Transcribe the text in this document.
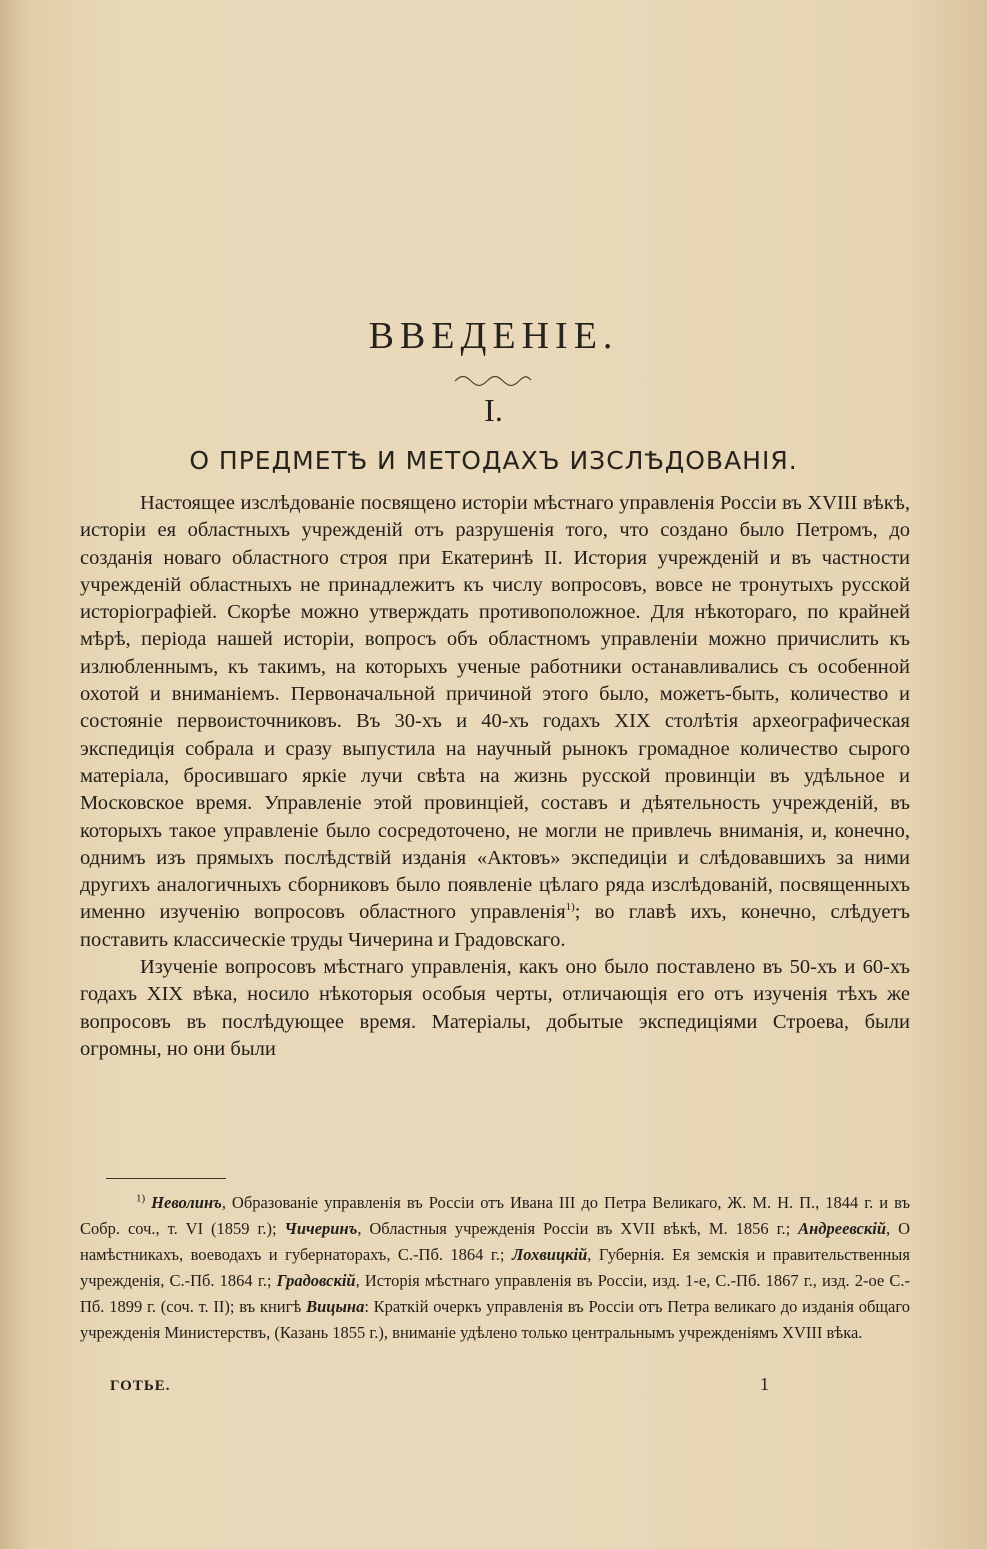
ВВЕДЕНІЕ.
I.
О ПРЕДМЕТѢ И МЕТОДАХЪ ИЗСЛѢДОВАНІЯ.

Настоящее изслѣдованіе посвящено исторіи мѣстнаго управленія Россіи въ XVIII вѣкѣ, исторіи ея областныхъ учрежденій отъ разрушенія того, что создано было Петромъ, до созданія новаго областного строя при Екатеринѣ II. История учрежденій и въ частности учрежденій областныхъ не принадлежитъ къ числу вопросовъ, вовсе не тронутыхъ русской исторіографіей. Скорѣе можно утверждать противоположное. Для нѣкотораго, по крайней мѣрѣ, періода нашей исторіи, вопросъ объ областномъ управленіи можно причислить къ излюбленнымъ, къ такимъ, на которыхъ ученые работники останавливались съ особенной охотой и вниманіемъ. Первоначальной причиной этого было, можетъ-быть, количество и состояніе первоисточниковъ. Въ 30-хъ и 40-хъ годахъ XIX столѣтія археографическая экспедиція собрала и сразу выпустила на научный рынокъ громадное количество сырого матеріала, бросившаго яркіе лучи свѣта на жизнь русской провинціи въ удѣльное и Московское время. Управленіе этой провинціей, составъ и дѣятельность учрежденій, въ которыхъ такое управленіе было сосредоточено, не могли не привлечь вниманія, и, конечно, однимъ изъ прямыхъ послѣдствій изданія «Актовъ» экспедиціи и слѣдовавшихъ за ними другихъ аналогичныхъ сборниковъ было появленіе цѣлаго ряда изслѣдованій, посвященныхъ именно изученію вопросовъ областного управленія$^{1)}$; во главѣ ихъ, конечно, слѣдуетъ поставить классическіе труды Чичерина и Градовскаго.

Изученіе вопросовъ мѣстнаго управленія, какъ оно было поставлено въ 50-хъ и 60-хъ годахъ XIX вѣка, носило нѣкоторыя особыя черты, отличающія его отъ изученія тѣхъ же вопросовъ въ послѣдующее время. Матеріалы, добытые экспедиціями Строева, были огромны, но они были

$^{1)}$ Неволинъ, Образованіе управленія въ Россіи отъ Ивана III до Петра Великаго, Ж. М. Н. П., 1844 г. и въ Собр. соч., т. VI (1859 г.); Чичеринъ, Областныя учрежденія Россіи въ XVII вѣкѣ, М. 1856 г.; Андреевскій, О намѣстникахъ, воеводахъ и губернаторахъ, С.-Пб. 1864 г.; Лохвицкій, Губернія. Ея земскія и правительственныя учрежденія, С.-Пб. 1864 г.; Градовскій, Исторія мѣстнаго управленія въ Россіи, изд. 1-е, С.-Пб. 1867 г., изд. 2-ое С.-Пб. 1899 г. (соч. т. II); въ книгѣ Вицына: Краткій очеркъ управленія въ Россіи отъ Петра великаго до изданія общаго учрежденія Министерствъ, (Казань 1855 г.), вниманіе удѣлено только центральнымъ учрежденіямъ XVIII вѣка.

ГОТЬЕ.	1
